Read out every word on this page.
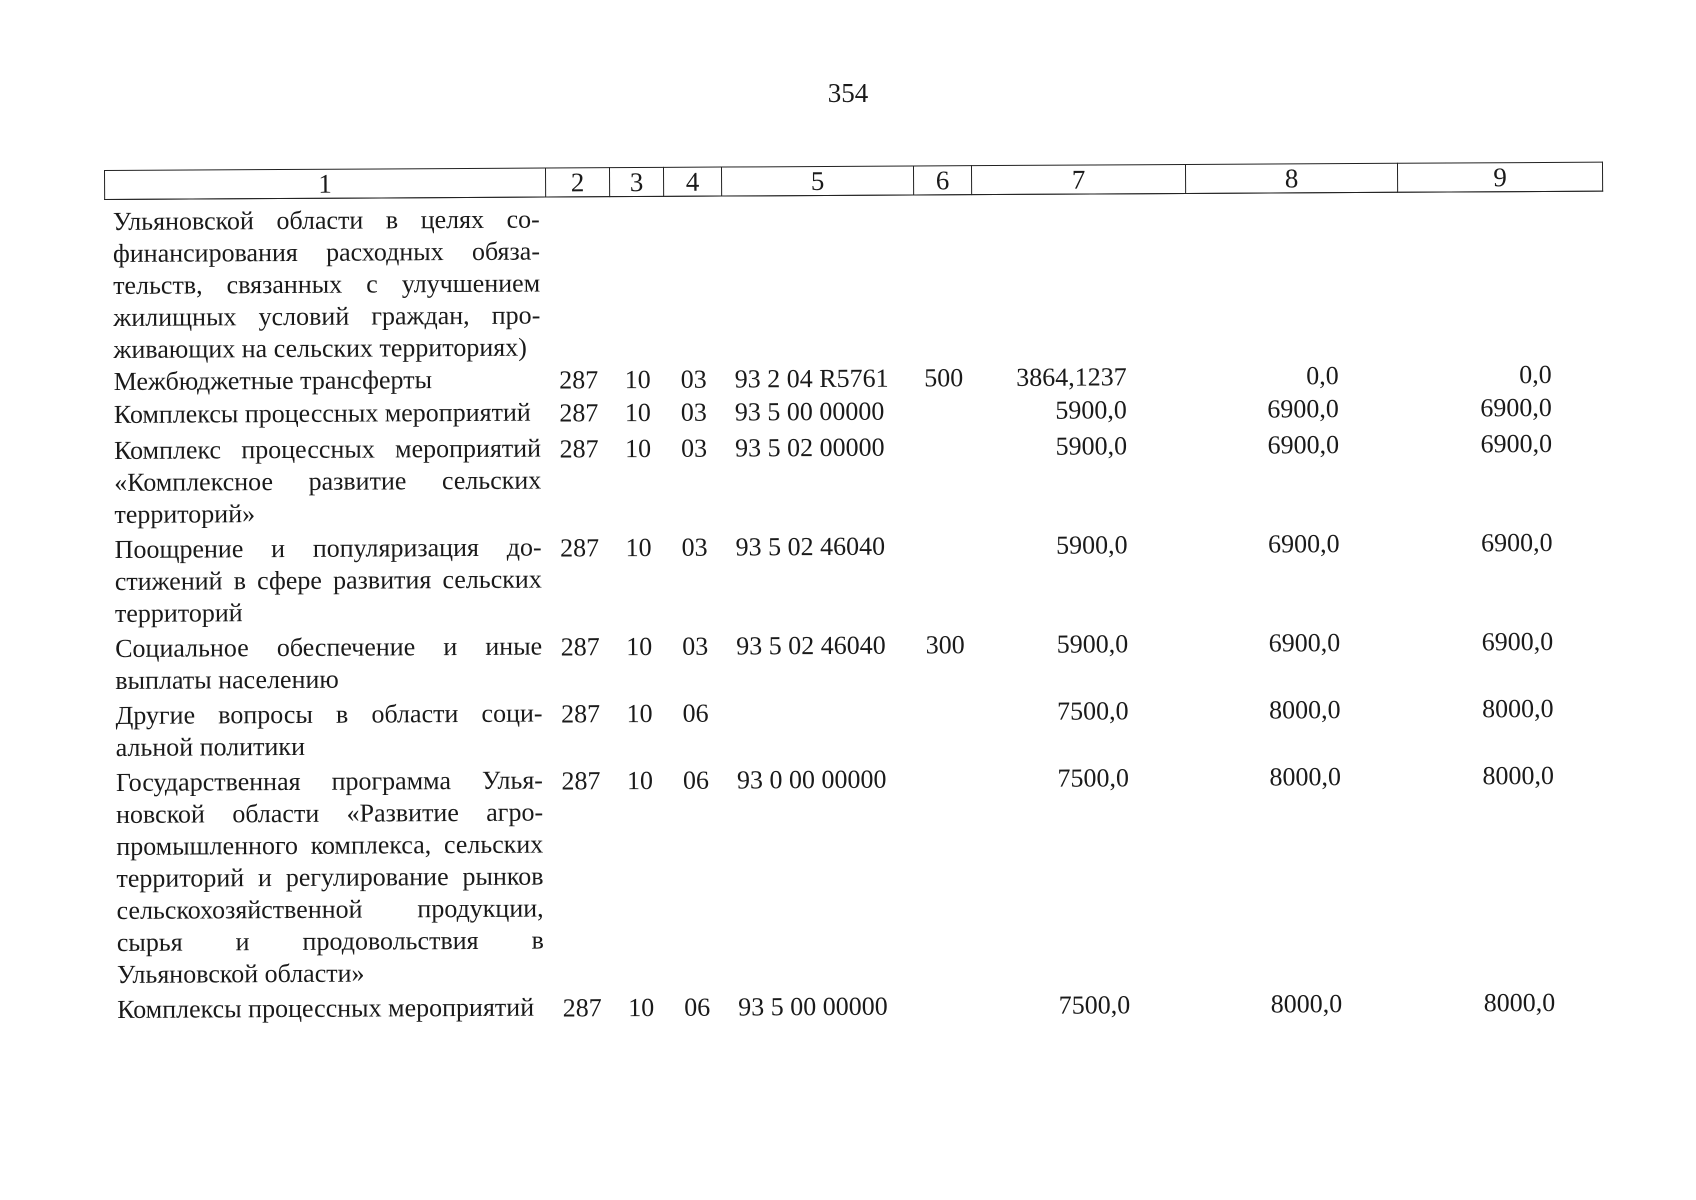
354
1	2	3	4	5	6	7	8	9
Ульяновской области в целях софинансирования расходных обязательств, связанных с улучшением жилищных условий граждан, проживающих на сельских территориях)								
Межбюджетные трансферты	287	10	03	93 2 04 R5761	500	3864,1237	0,0	0,0
Комплексы процессных мероприятий	287	10	03	93 5 00 00000		5900,0	6900,0	6900,0
Комплекс процессных мероприятий «Комплексное развитие сельских территорий»	287	10	03	93 5 02 00000		5900,0	6900,0	6900,0
Поощрение и популяризация достижений в сфере развития сельских территорий	287	10	03	93 5 02 46040		5900,0	6900,0	6900,0
Социальное обеспечение и иные выплаты населению	287	10	03	93 5 02 46040	300	5900,0	6900,0	6900,0
Другие вопросы в области социальной политики	287	10	06			7500,0	8000,0	8000,0
Государственная программа Ульяновской области «Развитие агропромышленного комплекса, сельских территорий и регулирование рынков сельскохозяйственной продукции, сырья и продовольствия в Ульяновской области»	287	10	06	93 0 00 00000		7500,0	8000,0	8000,0
Комплексы процессных мероприятий	287	10	06	93 5 00 00000		7500,0	8000,0	8000,0
